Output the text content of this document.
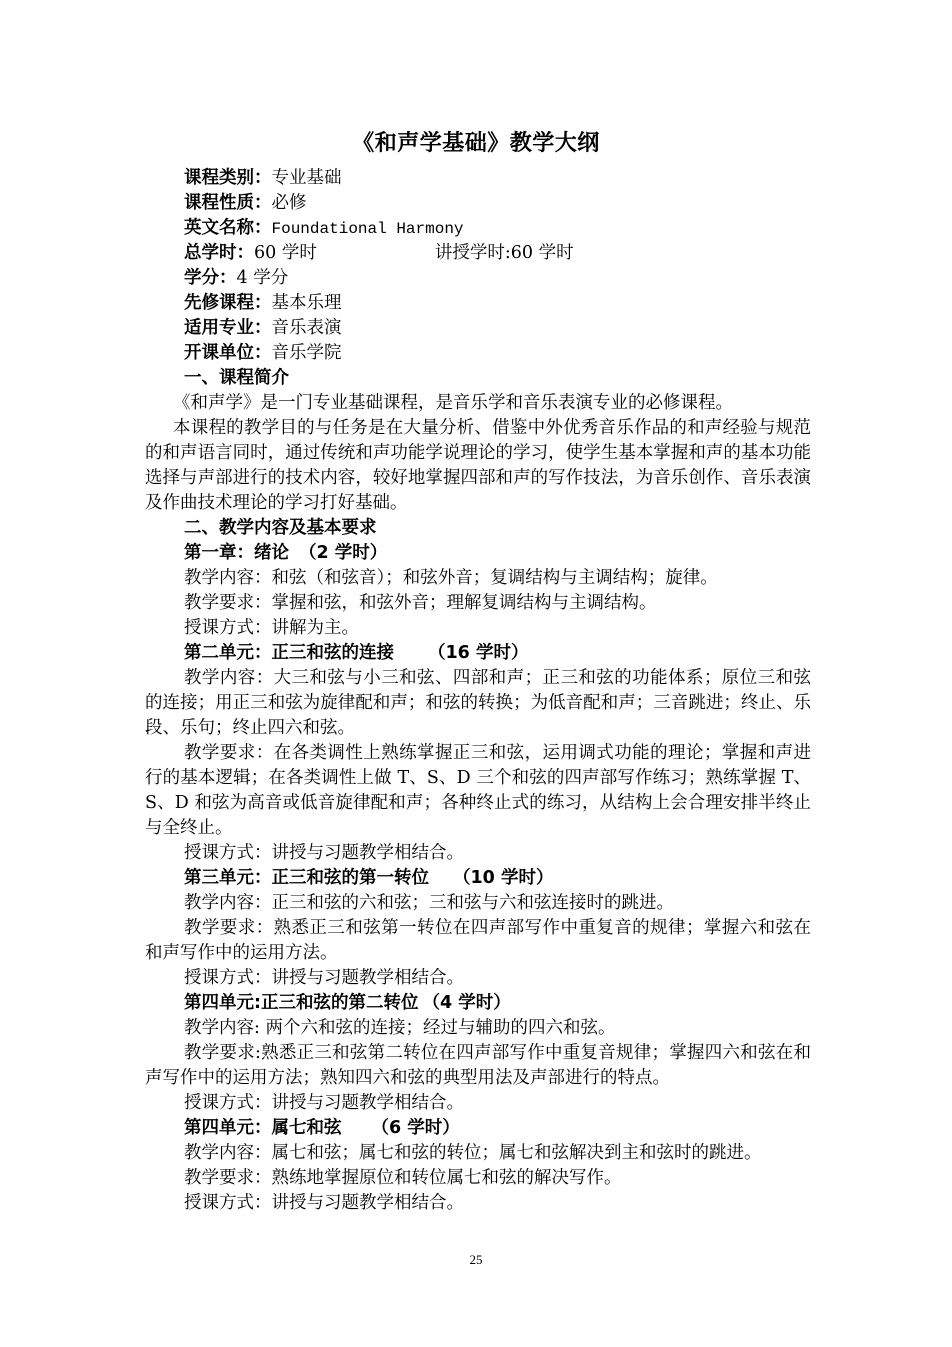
《和声学基础》教学大纲
课程类别：专业基础
课程性质：必修
英文名称：Foundational Harmony
总学时：60 学时	讲授学时:60 学时
学分：4 学分
先修课程：基本乐理
适用专业：音乐表演
开课单位：音乐学院
一、课程简介
《和声学》是一门专业基础课程，是音乐学和音乐表演专业的必修课程。
本课程的教学目的与任务是在大量分析、借鉴中外优秀音乐作品的和声经验与规范的和声语言同时，通过传统和声功能学说理论的学习，使学生基本掌握和声的基本功能选择与声部进行的技术内容，较好地掌握四部和声的写作技法，为音乐创作、音乐表演及作曲技术理论的学习打好基础。
二、教学内容及基本要求
第一章：绪论 （2 学时）
教学内容：和弦（和弦音）；和弦外音；复调结构与主调结构；旋律。
教学要求：掌握和弦，和弦外音；理解复调结构与主调结构。
授课方式：讲解为主。
第二单元：正三和弦的连接 （16 学时）
教学内容：大三和弦与小三和弦、四部和声；正三和弦的功能体系；原位三和弦的连接；用正三和弦为旋律配和声；和弦的转换；为低音配和声；三音跳进；终止、乐段、乐句；终止四六和弦。
教学要求：在各类调性上熟练掌握正三和弦，运用调式功能的理论；掌握和声进行的基本逻辑；在各类调性上做 T、S、D 三个和弦的四声部写作练习；熟练掌握 T、S、D 和弦为高音或低音旋律配和声；各种终止式的练习，从结构上会合理安排半终止与全终止。
授课方式：讲授与习题教学相结合。
第三单元：正三和弦的第一转位 （10 学时）
教学内容：正三和弦的六和弦；三和弦与六和弦连接时的跳进。
教学要求：熟悉正三和弦第一转位在四声部写作中重复音的规律；掌握六和弦在和声写作中的运用方法。
授课方式：讲授与习题教学相结合。
第四单元:正三和弦的第二转位 （4 学时）
教学内容: 两个六和弦的连接；经过与辅助的四六和弦。
教学要求:熟悉正三和弦第二转位在四声部写作中重复音规律；掌握四六和弦在和声写作中的运用方法；熟知四六和弦的典型用法及声部进行的特点。
授课方式：讲授与习题教学相结合。
第四单元：属七和弦 （6 学时）
教学内容：属七和弦；属七和弦的转位；属七和弦解决到主和弦时的跳进。
教学要求：熟练地掌握原位和转位属七和弦的解决写作。
授课方式：讲授与习题教学相结合。
25
